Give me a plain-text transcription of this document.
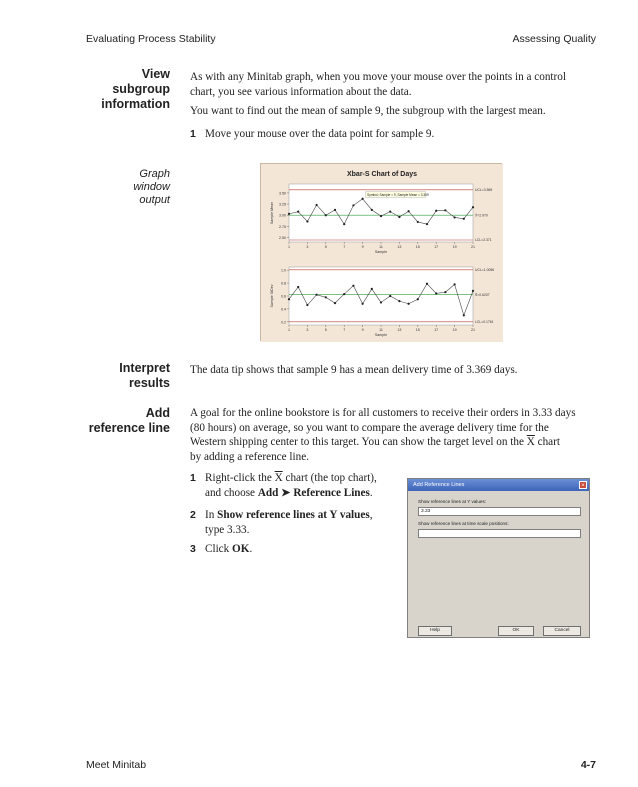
Evaluating Process Stability	Assessing Quality
View
subgroup
information
As with any Minitab graph, when you move your mouse over the points in a control
chart, you see various information about the data.
You want to find out the mean of sample 9, the subgroup with the largest mean.
1 Move your mouse over the data point for sample 9.
Graph
window
output
Xbar-S Chart of Days
3.50
3.25
3.00
2.75
2.50
1	3	5	7	9	11	13	15	17	19	21
Sample
Sample Mean
UCL=3.569
X̄=2.970
LCL=2.371
Symbol; Sample = 9, Sample Mean = 3.369
1.0
0.8
0.6
0.4
0.2
1	3	5	7	9	11	13	15	17	19	21
Sample
Sample StDev
UCL=1.0056
S̄=0.6207
LCL=0.1761
Interpret
results
The data tip shows that sample 9 has a mean delivery time of 3.369 days.
Add
reference line
A goal for the online bookstore is for all customers to receive their orders in 3.33 days
(80 hours) on average, so you want to compare the average delivery time for the
Western shipping center to this target. You can show the target level on the $\overline{X}$ chart
by adding a reference line.
1 Right-click the $\overline{X}$ chart (the top chart),
and choose Add ➤ Reference Lines.
2 In Show reference lines at Y values,
type 3.33.
3 Click OK.
Add Reference Lines	×
Show reference lines at Y values:
3.33
Show reference lines at time scale positions:
Help	OK	Cancel
Meet Minitab	4-7
